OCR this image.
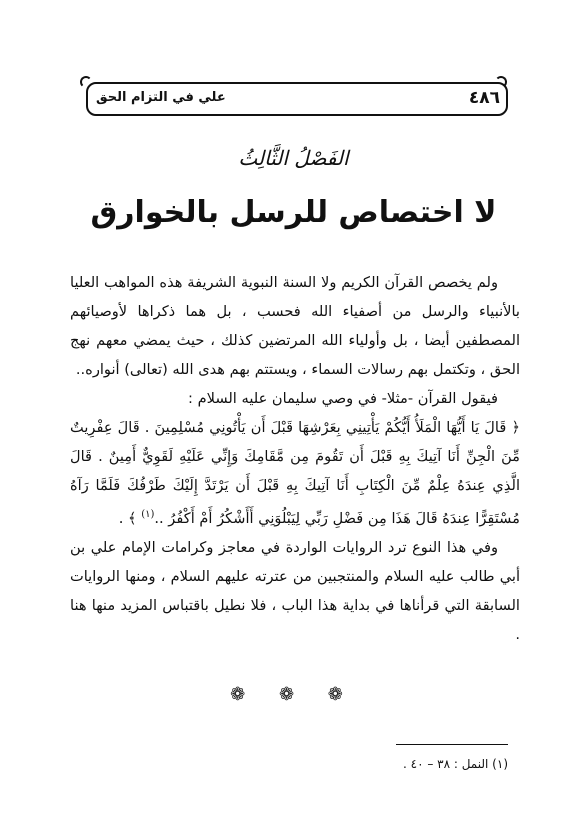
٤٨٦
علي في التزام الحق
الفَصْلُ الثَّالِثُ
لا اختصاص للرسل بالخوارق

ولم يخصص القرآن الكريم ولا السنة النبوية الشريفة هذه المواهب العليا بالأنبياء والرسل من أصفياء الله فحسب ، بل هما ذكراها لأوصيائهم المصطفين أيضا ، بل وأولياء الله المرتضين كذلك ، حيث يمضي معهم نهج الحق ، وتكتمل بهم رسالات السماء ، ويستتم بهم هدى الله (تعالى) أنواره..

فيقول القرآن -مثلا- في وصي سليمان عليه السلام :

﴿ قَالَ يَا أَيُّهَا الْمَلَأُ أَيُّكُمْ يَأْتِينِي بِعَرْشِهَا قَبْلَ أَن يَأْتُونِي مُسْلِمِينَ . قَالَ عِفْرِيتٌ مِّنَ الْجِنِّ أَنَا آتِيكَ بِهِ قَبْلَ أَن تَقُومَ مِن مَّقَامِكَ وَإِنِّي عَلَيْهِ لَقَوِيٌّ أَمِينٌ . قَالَ الَّذِي عِندَهُ عِلْمٌ مِّنَ الْكِتَابِ أَنَا آتِيكَ بِهِ قَبْلَ أَن يَرْتَدَّ إِلَيْكَ طَرْفُكَ فَلَمَّا رَآهُ مُسْتَقِرًّا عِندَهُ قَالَ هَذَا مِن فَضْلِ رَبِّي لِيَبْلُوَنِي أَأَشْكُرُ أَمْ أَكْفُرُ ..$^{(١)}$ ﴾ .

وفي هذا النوع ترد الروايات الواردة في معاجز وكرامات الإمام علي بن أبي طالب عليه السلام والمنتجبين من عترته عليهم السلام ، ومنها الروايات السابقة التي قرأناها في بداية هذا الباب ، فلا نطيل باقتباس المزيد منها هنا .

❁ ❁ ❁
(١) النمل : ٣٨ – ٤٠ .
